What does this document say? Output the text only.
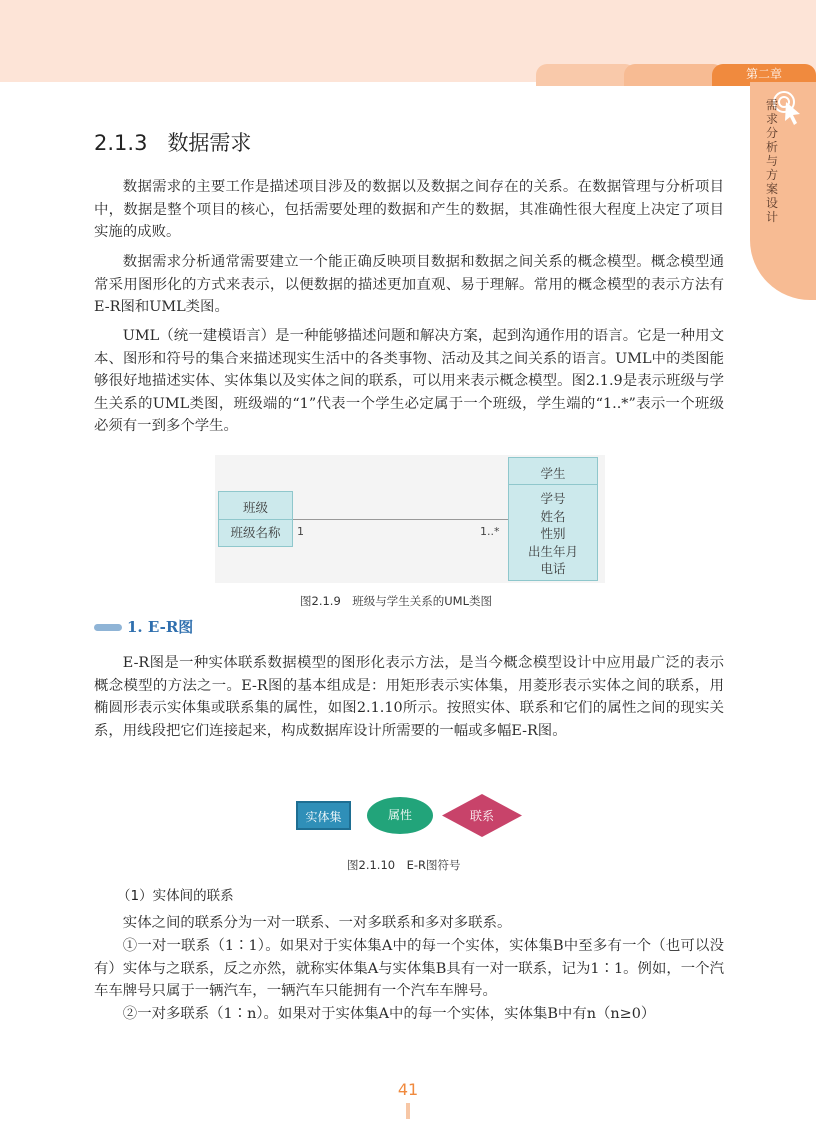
第二章
需求分析与方案设计
2.1.3 数据需求

数据需求的主要工作是描述项目涉及的数据以及数据之间存在的关系。在数据管理与分析项目中，数据是整个项目的核心，包括需要处理的数据和产生的数据，其准确性很大程度上决定了项目实施的成败。

数据需求分析通常需要建立一个能正确反映项目数据和数据之间关系的概念模型。概念模型通常采用图形化的方式来表示，以便数据的描述更加直观、易于理解。常用的概念模型的表示方法有E-R图和UML类图。

UML（统一建模语言）是一种能够描述问题和解决方案，起到沟通作用的语言。它是一种用文本、图形和符号的集合来描述现实生活中的各类事物、活动及其之间关系的语言。UML中的类图能够很好地描述实体、实体集以及实体之间的联系，可以用来表示概念模型。图2.1.9是表示班级与学生关系的UML类图，班级端的“1”代表一个学生必定属于一个班级，学生端的“1..*”表示一个班级必须有一到多个学生。

班级
班级名称	1	1..*
学生
学号
姓名
性别
出生年月
电话
图2.1.9　班级与学生关系的UML类图
1. E-R图

E-R图是一种实体联系数据模型的图形化表示方法，是当今概念模型设计中应用最广泛的表示概念模型的方法之一。E-R图的基本组成是：用矩形表示实体集，用菱形表示实体之间的联系，用椭圆形表示实体集或联系集的属性，如图2.1.10所示。按照实体、联系和它们的属性之间的现实关系，用线段把它们连接起来，构成数据库设计所需要的一幅或多幅E-R图。

实体集	属性	联系
图2.1.10　E-R图符号
（1）实体间的联系

实体之间的联系分为一对一联系、一对多联系和多对多联系。

①一对一联系（1∶1）。如果对于实体集A中的每一个实体，实体集B中至多有一个（也可以没有）实体与之联系，反之亦然，就称实体集A与实体集B具有一对一联系，记为1∶1。例如，一个汽车车牌号只属于一辆汽车，一辆汽车只能拥有一个汽车车牌号。

②一对多联系（1∶n）。如果对于实体集A中的每一个实体，实体集B中有n（n≥0）

41
